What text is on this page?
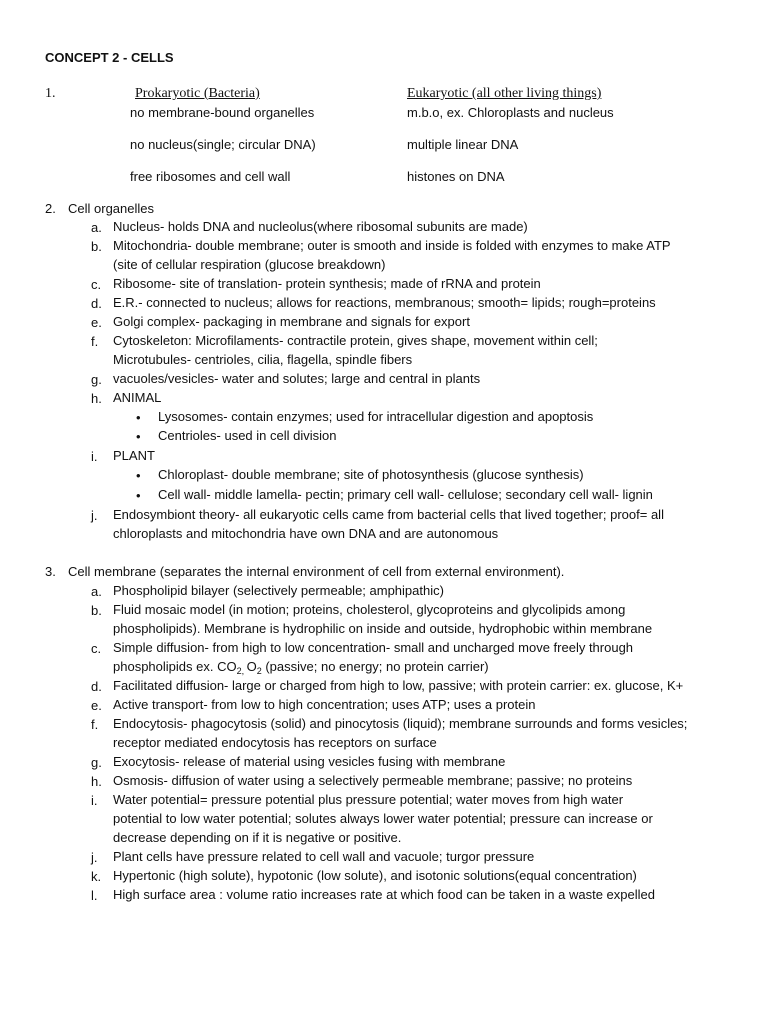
CONCEPT 2 - CELLS
1.	Prokaryotic (Bacteria)	Eukaryotic (all other living things)
no membrane-bound organelles	m.b.o, ex. Chloroplasts and nucleus
no nucleus(single; circular DNA)	multiple linear DNA
free ribosomes and cell wall	histones on DNA
2. Cell organelles
a. Nucleus- holds DNA and nucleolus(where ribosomal subunits are made)
b. Mitochondria- double membrane; outer is smooth and inside is folded with enzymes to make ATP
(site of cellular respiration (glucose breakdown)
c. Ribosome- site of translation- protein synthesis; made of rRNA and protein
d. E.R.- connected to nucleus; allows for reactions, membranous; smooth= lipids; rough=proteins
e. Golgi complex- packaging in membrane and signals for export
f. Cytoskeleton: Microfilaments- contractile protein, gives shape, movement within cell;
Microtubules- centrioles, cilia, flagella, spindle fibers
g. vacuoles/vesicles- water and solutes; large and central in plants
h. ANIMAL
• Lysosomes- contain enzymes; used for intracellular digestion and apoptosis
• Centrioles- used in cell division
i. PLANT
• Chloroplast- double membrane; site of photosynthesis (glucose synthesis)
• Cell wall- middle lamella- pectin; primary cell wall- cellulose; secondary cell wall- lignin
j. Endosymbiont theory- all eukaryotic cells came from bacterial cells that lived together; proof= all
chloroplasts and mitochondria have own DNA and are autonomous
3. Cell membrane (separates the internal environment of cell from external environment).
a. Phospholipid bilayer (selectively permeable; amphipathic)
b. Fluid mosaic model (in motion; proteins, cholesterol, glycoproteins and glycolipids among
phospholipids). Membrane is hydrophilic on inside and outside, hydrophobic within membrane
c. Simple diffusion- from high to low concentration- small and uncharged move freely through
phospholipids ex. $CO_{2,}$ $O_2$ (passive; no energy; no protein carrier)
d. Facilitated diffusion- large or charged from high to low, passive; with protein carrier: ex. glucose, K+
e. Active transport- from low to high concentration; uses ATP; uses a protein
f. Endocytosis- phagocytosis (solid) and pinocytosis (liquid); membrane surrounds and forms vesicles;
receptor mediated endocytosis has receptors on surface
g. Exocytosis- release of material using vesicles fusing with membrane
h. Osmosis- diffusion of water using a selectively permeable membrane; passive; no proteins
i. Water potential= pressure potential plus pressure potential; water moves from high water
potential to low water potential; solutes always lower water potential; pressure can increase or
decrease depending on if it is negative or positive.
j. Plant cells have pressure related to cell wall and vacuole; turgor pressure
k. Hypertonic (high solute), hypotonic (low solute), and isotonic solutions(equal concentration)
l. High surface area : volume ratio increases rate at which food can be taken in a waste expelled
